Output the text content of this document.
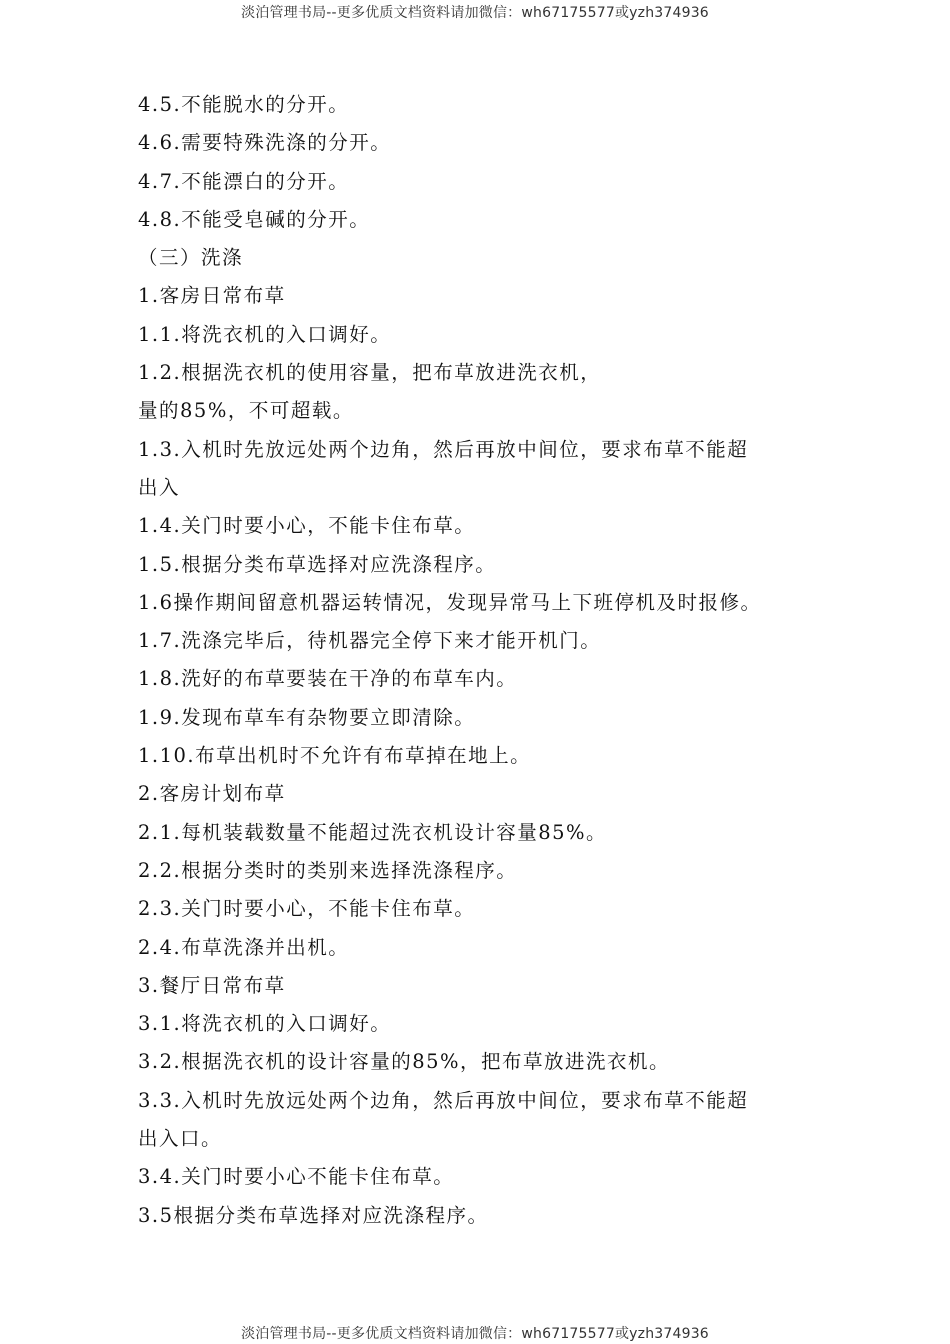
淡泊管理书局--更多优质文档资料请加微信：wh67175577或yzh374936
4.5.不能脱水的分开。
4.6.需要特殊洗涤的分开。
4.7.不能漂白的分开。
4.8.不能受皂碱的分开。
（三）洗涤
1.客房日常布草
1.1.将洗衣机的入口调好。
1.2.根据洗衣机的使用容量，把布草放进洗衣机，
量的85%，不可超载。
1.3.入机时先放远处两个边角，然后再放中间位，要求布草不能超
出入
1.4.关门时要小心，不能卡住布草。
1.5.根据分类布草选择对应洗涤程序。
1.6操作期间留意机器运转情况，发现异常马上下班停机及时报修。
1.7.洗涤完毕后，待机器完全停下来才能开机门。
1.8.洗好的布草要装在干净的布草车内。
1.9.发现布草车有杂物要立即清除。
1.10.布草出机时不允许有布草掉在地上。
2.客房计划布草
2.1.每机装载数量不能超过洗衣机设计容量85%。
2.2.根据分类时的类别来选择洗涤程序。
2.3.关门时要小心，不能卡住布草。
2.4.布草洗涤并出机。
3.餐厅日常布草
3.1.将洗衣机的入口调好。
3.2.根据洗衣机的设计容量的85%，把布草放进洗衣机。
3.3.入机时先放远处两个边角，然后再放中间位，要求布草不能超
出入口。
3.4.关门时要小心不能卡住布草。
3.5根据分类布草选择对应洗涤程序。
淡泊管理书局--更多优质文档资料请加微信：wh67175577或yzh374936
